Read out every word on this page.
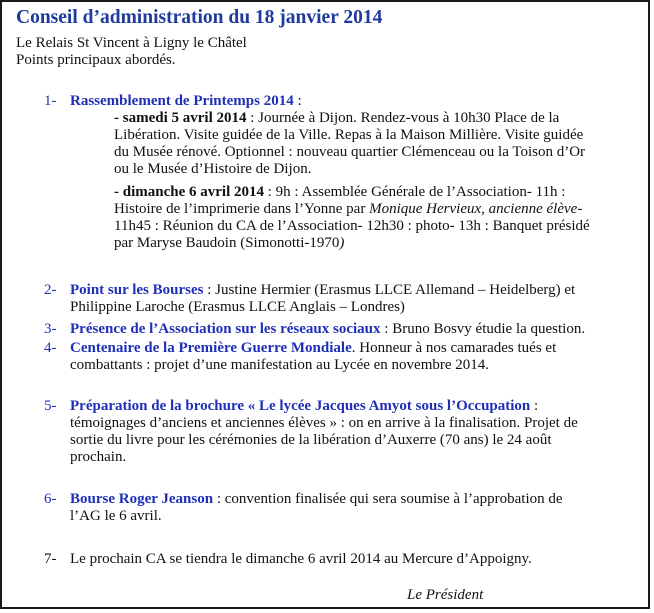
Conseil d’administration du 18 janvier 2014
Le Relais St Vincent à Ligny le Châtel
Points principaux abordés.
1- Rassemblement de Printemps 2014 :
- samedi 5 avril 2014 : Journée à Dijon. Rendez-vous à 10h30 Place de la
Libération. Visite guidée de la Ville. Repas à la Maison Millière. Visite guidée
du Musée rénové. Optionnel : nouveau quartier Clémenceau ou la Toison d’Or
ou le Musée d’Histoire de Dijon.
- dimanche 6 avril 2014 : 9h : Assemblée Générale de l’Association- 11h :
Histoire de l’imprimerie dans l’Yonne par Monique Hervieux, ancienne élève-
11h45 : Réunion du CA de l’Association- 12h30 : photo- 13h : Banquet présidé
par Maryse Baudoin (Simonotti-1970)
2- Point sur les Bourses : Justine Hermier (Erasmus LLCE Allemand – Heidelberg) et
Philippine Laroche (Erasmus LLCE Anglais – Londres)
3- Présence de l’Association sur les réseaux sociaux : Bruno Bosvy étudie la question.
4- Centenaire de la Première Guerre Mondiale. Honneur à nos camarades tués et
combattants : projet d’une manifestation au Lycée en novembre 2014.
5- Préparation de la brochure « Le lycée Jacques Amyot sous l’Occupation :
témoignages d’anciens et anciennes élèves » : on en arrive à la finalisation. Projet de
sortie du livre pour les cérémonies de la libération d’Auxerre (70 ans) le 24 août
prochain.
6- Bourse Roger Jeanson : convention finalisée qui sera soumise à l’approbation de
l’AG le 6 avril.
7- Le prochain CA se tiendra le dimanche 6 avril 2014 au Mercure d’Appoigny.
Le Président
